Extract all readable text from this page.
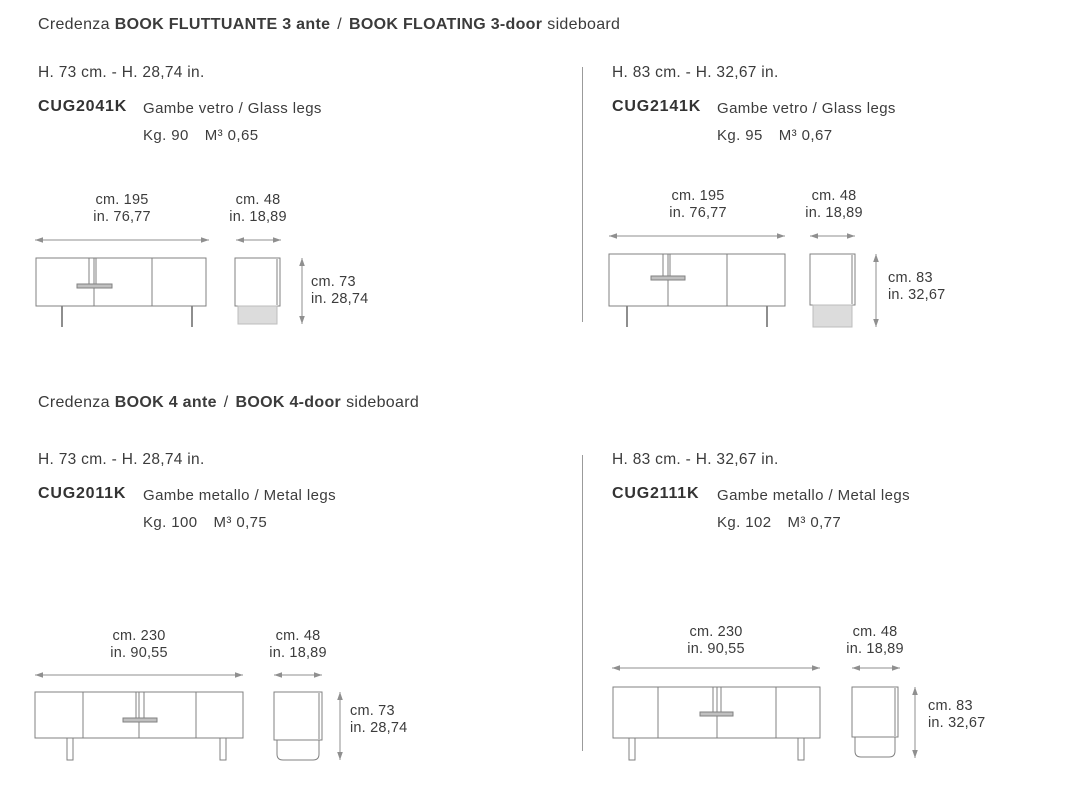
Credenza BOOK FLUTTUANTE 3 ante / BOOK FLOATING 3-door sideboard
H. 73 cm. - H. 28,74 in.
CUG2041K Gambe vetro / Glass legs
Kg. 90 M³ 0,65
H. 83 cm. - H. 32,67 in.
CUG2141K Gambe vetro / Glass legs
Kg. 95 M³ 0,67
cm. 195
in. 76,77
cm. 48
in. 18,89
cm. 73
in. 28,74
cm. 195
in. 76,77
cm. 48
in. 18,89
cm. 83
in. 32,67
Credenza BOOK 4 ante / BOOK 4-door sideboard
H. 73 cm. - H. 28,74 in.
CUG2011K Gambe metallo / Metal legs
Kg. 100 M³ 0,75
H. 83 cm. - H. 32,67 in.
CUG2111K Gambe metallo / Metal legs
Kg. 102 M³ 0,77
cm. 230
in. 90,55
cm. 48
in. 18,89
cm. 73
in. 28,74
cm. 230
in. 90,55
cm. 48
in. 18,89
cm. 83
in. 32,67
